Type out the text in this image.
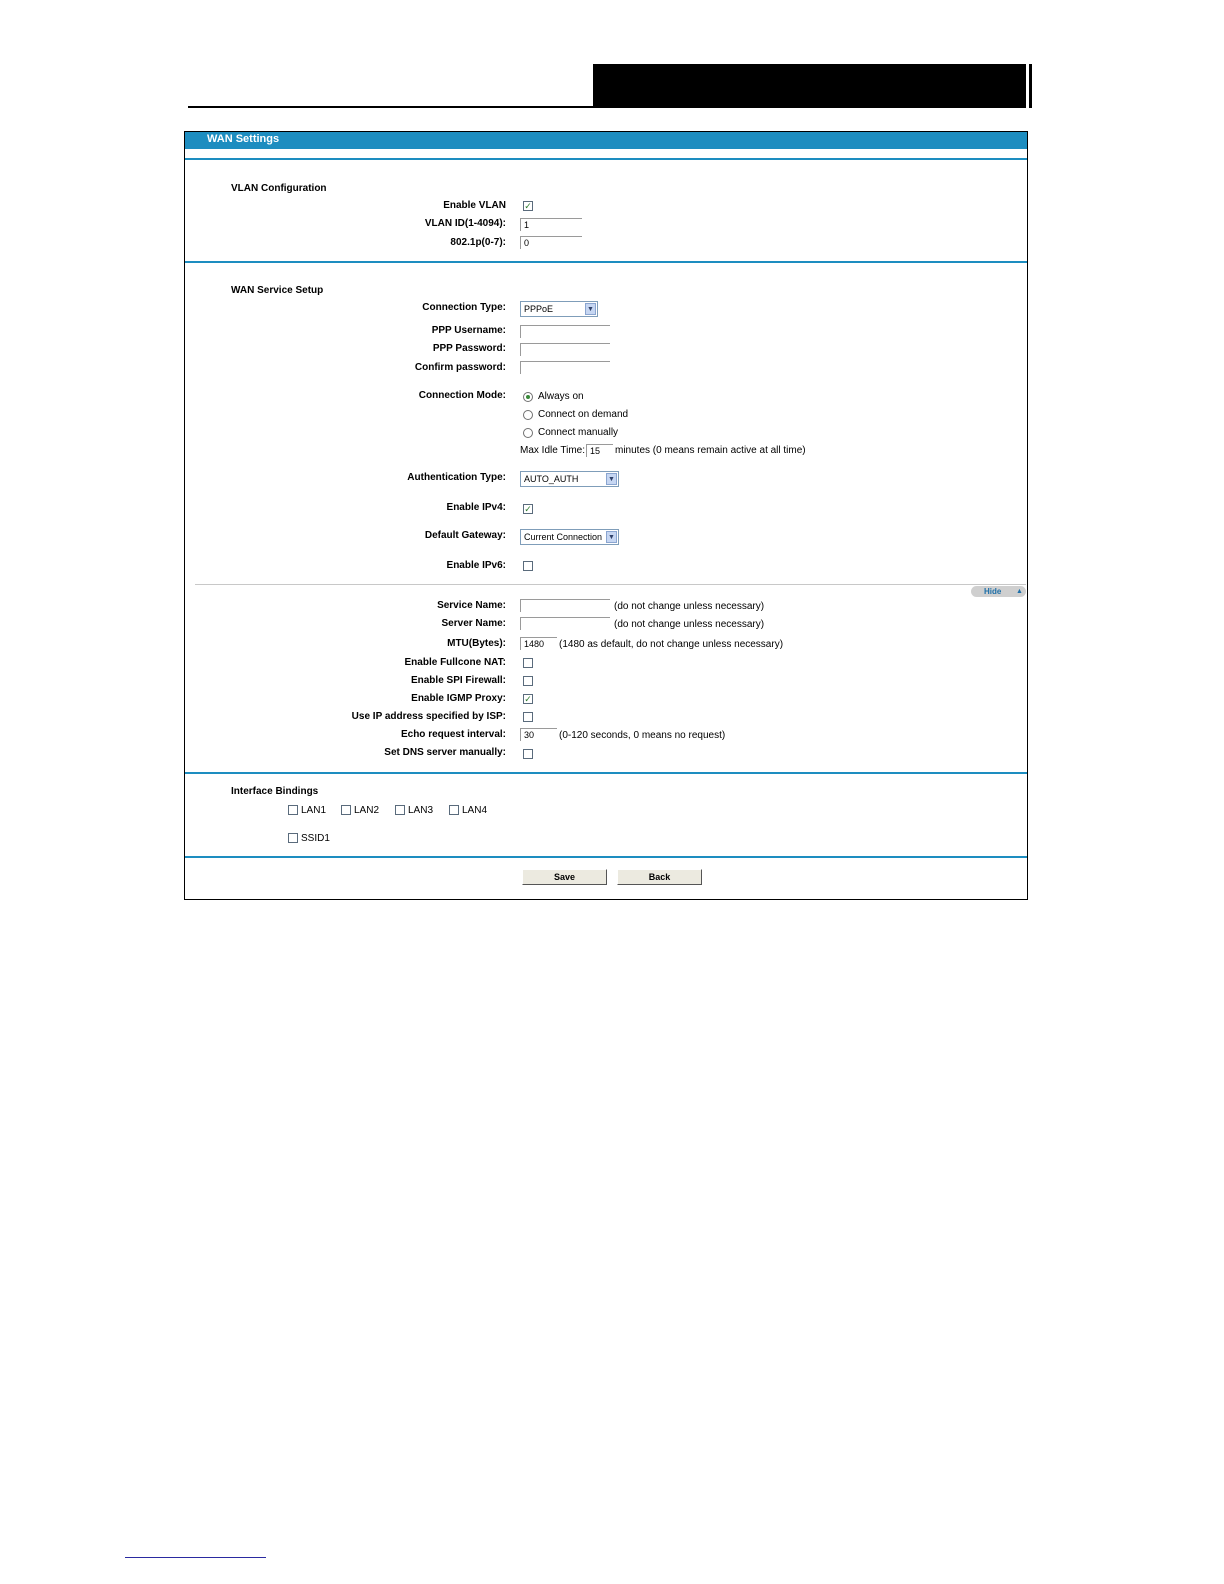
WAN Settings
VLAN Configuration
Enable VLAN ✓
VLAN ID(1-4094):	1
802.1p(0-7):	0
WAN Service Setup
Connection Type: PPPoE	▼
PPP Username:
PPP Password:
Confirm password:
Connection Mode:	Always on
Connect on demand
Connect manually
Max Idle Time: 15	minutes (0 means remain active at all time)
Authentication Type: AUTO_AUTH	▼
Enable IPv4: ✓
Default Gateway: Current Connection ▼
Enable IPv6:
Hide ▲
Service Name:	(do not change unless necessary)
Server Name:	(do not change unless necessary)
MTU(Bytes):	1480	(1480 as default, do not change unless necessary)
Enable Fullcone NAT:
Enable SPI Firewall:
Enable IGMP Proxy: ✓
Use IP address specified by ISP:
Echo request interval:	30	(0-120 seconds, 0 means no request)
Set DNS server manually:
Interface Bindings
LAN1	LAN2	LAN3	LAN4
SSID1
Save	Back
